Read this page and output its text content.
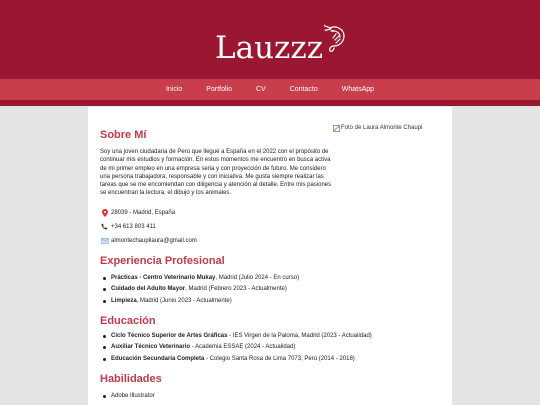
Lauzzz
Inicio	Portfolio	CV	Contacto	WhatsApp
Foto de Laura Almonte Chaupi
Sobre Mí

Soy una joven ciudadana de Perú que llegué a España en el 2022 con el propósito de continuar mis estudios y formación. En estos momentos me encuentro en busca activa de mi primer empleo en una empresa seria y con proyección de futuro. Me considero una persona trabajadora, responsable y con iniciativa. Me gusta siempre realizar las tareas que se me encomiendan con diligencia y atención al detalle. Entre mis pasiones se encuentran la lectura, el dibujo y los animales.

28039 - Madrid, España
+34 613 803 411
almontechaupilaura@gmail.com
Experiencia Profesional
Prácticas - Centro Veterinario Mukay, Madrid (Julio 2024 - En curso)
Cuidado del Adulto Mayor, Madrid (Febrero 2023 - Actualmente)
Limpieza, Madrid (Junio 2023 - Actualmente)
Educación
Ciclo Técnico Superior de Artes Gráficas - IES Virgen de la Paloma, Madrid (2023 - Actualidad)
Auxiliar Técnico Veterinario - Academia ESSAE (2024 - Actualidad)
Educación Secundaria Completa - Colegio Santa Rosa de Lima 7073, Perú (2014 - 2018)
Habilidades
Adobe Illustrator
